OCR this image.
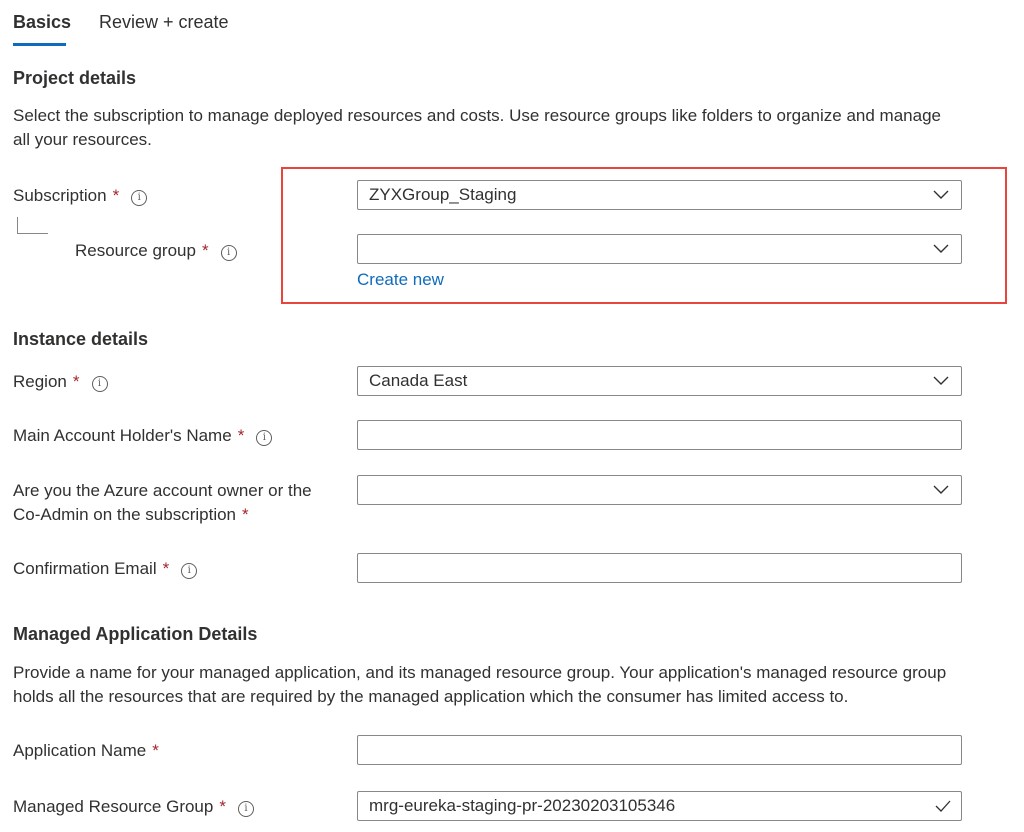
Basics Review + create
Project details
Select the subscription to manage deployed resources and costs. Use resource groups like folders to organize and manage all your resources.
Subscription * i	ZYXGroup_Staging
Resource group * i
Create new
Instance details
Region * i	Canada East
Main Account Holder's Name * i
Are you the Azure account owner or the
Co-Admin on the subscription *
Confirmation Email * i
Managed Application Details
Provide a name for your managed application, and its managed resource group. Your application's managed resource group holds all the resources that are required by the managed application which the consumer has limited access to.
Application Name *
Managed Resource Group * i	mrg-eureka-staging-pr-20230203105346
